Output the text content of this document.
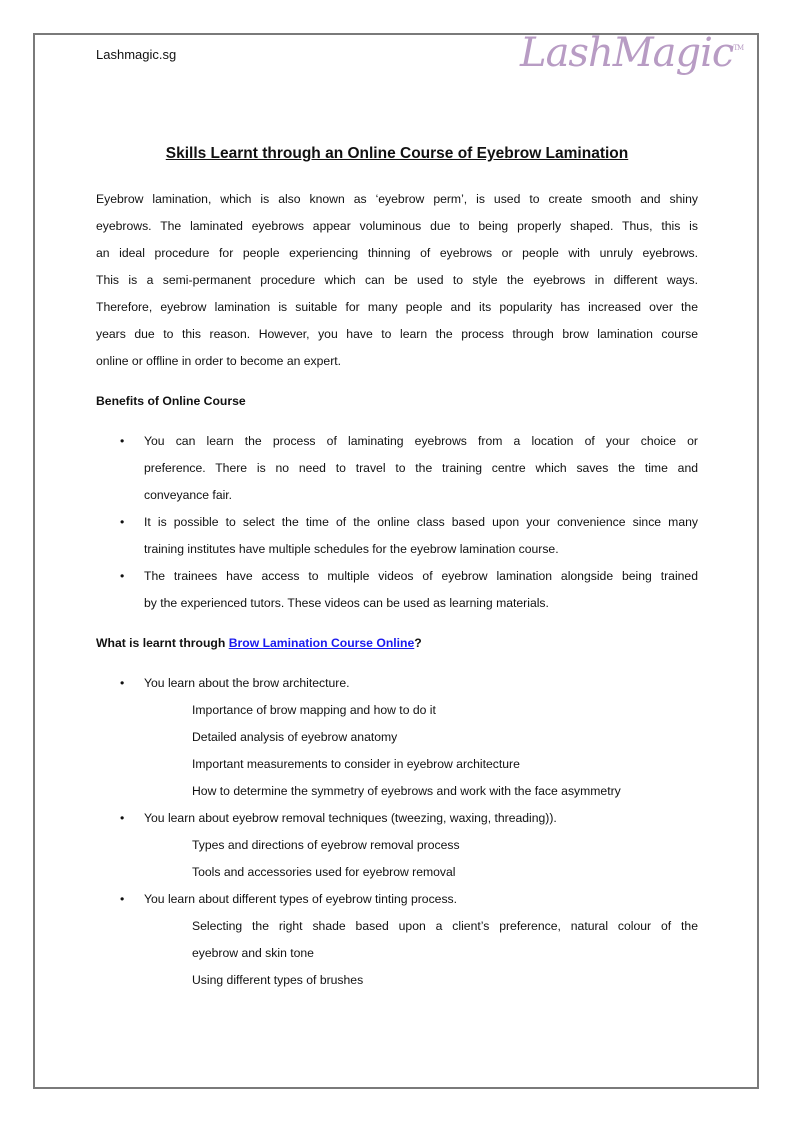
Lashmagic.sg	LashMagic™
Skills Learnt through an Online Course of Eyebrow Lamination
Eyebrow lamination, which is also known as ‘eyebrow perm’, is used to create smooth and shiny
eyebrows. The laminated eyebrows appear voluminous due to being properly shaped. Thus, this is
an ideal procedure for people experiencing thinning of eyebrows or people with unruly eyebrows.
This is a semi-permanent procedure which can be used to style the eyebrows in different ways.
Therefore, eyebrow lamination is suitable for many people and its popularity has increased over the
years due to this reason. However, you have to learn the process through brow lamination course
online or offline in order to become an expert.
Benefits of Online Course
• You can learn the process of laminating eyebrows from a location of your choice or
preference. There is no need to travel to the training centre which saves the time and
conveyance fair.
• It is possible to select the time of the online class based upon your convenience since many
training institutes have multiple schedules for the eyebrow lamination course.
• The trainees have access to multiple videos of eyebrow lamination alongside being trained
by the experienced tutors. These videos can be used as learning materials.
What is learnt through Brow Lamination Course Online?
• You learn about the brow architecture.
Importance of brow mapping and how to do it
Detailed analysis of eyebrow anatomy
Important measurements to consider in eyebrow architecture
How to determine the symmetry of eyebrows and work with the face asymmetry
• You learn about eyebrow removal techniques (tweezing, waxing, threading)).
Types and directions of eyebrow removal process
Tools and accessories used for eyebrow removal
• You learn about different types of eyebrow tinting process.
Selecting the right shade based upon a client’s preference, natural colour of the
eyebrow and skin tone
Using different types of brushes
